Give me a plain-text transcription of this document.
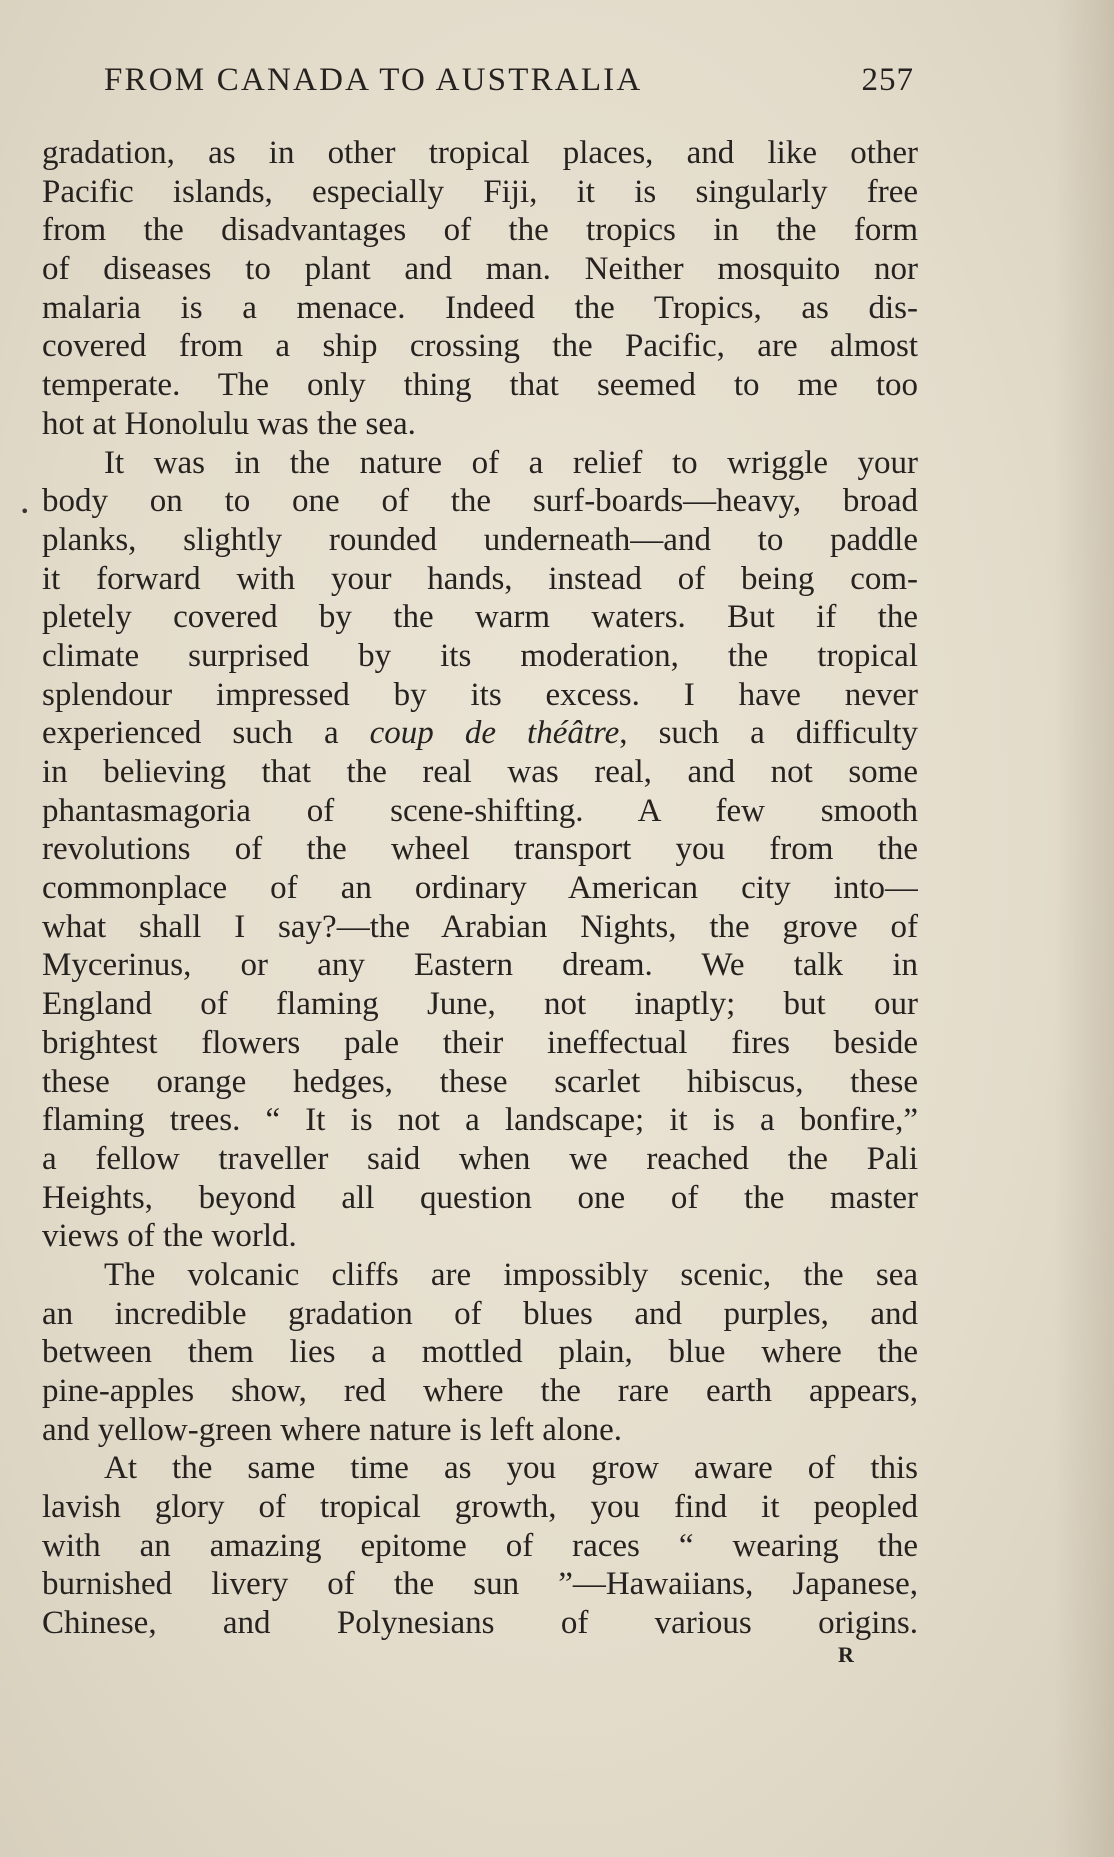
FROM CANADA TO AUSTRALIA	257
•
gradation, as in other tropical places, and like other
Pacific islands, especially Fiji, it is singularly free
from the disadvantages of the tropics in the form
of diseases to plant and man. Neither mosquito nor
malaria is a menace. Indeed the Tropics, as dis-
covered from a ship crossing the Pacific, are almost
temperate. The only thing that seemed to me too
hot at Honolulu was the sea.
It was in the nature of a relief to wriggle your
body on to one of the surf-boards—heavy, broad
planks, slightly rounded underneath—and to paddle
it forward with your hands, instead of being com-
pletely covered by the warm waters. But if the
climate surprised by its moderation, the tropical
splendour impressed by its excess. I have never
experienced such a coup de théâtre, such a difficulty
in believing that the real was real, and not some
phantasmagoria of scene-shifting. A few smooth
revolutions of the wheel transport you from the
commonplace of an ordinary American city into—
what shall I say?—the Arabian Nights, the grove of
Mycerinus, or any Eastern dream. We talk in
England of flaming June, not inaptly; but our
brightest flowers pale their ineffectual fires beside
these orange hedges, these scarlet hibiscus, these
flaming trees. “ It is not a landscape; it is a bonfire,”
a fellow traveller said when we reached the Pali
Heights, beyond all question one of the master
views of the world.
The volcanic cliffs are impossibly scenic, the sea
an incredible gradation of blues and purples, and
between them lies a mottled plain, blue where the
pine-apples show, red where the rare earth appears,
and yellow-green where nature is left alone.
At the same time as you grow aware of this
lavish glory of tropical growth, you find it peopled
with an amazing epitome of races “ wearing the
burnished livery of the sun ”—Hawaiians, Japanese,
Chinese, and Polynesians of various origins.
R
